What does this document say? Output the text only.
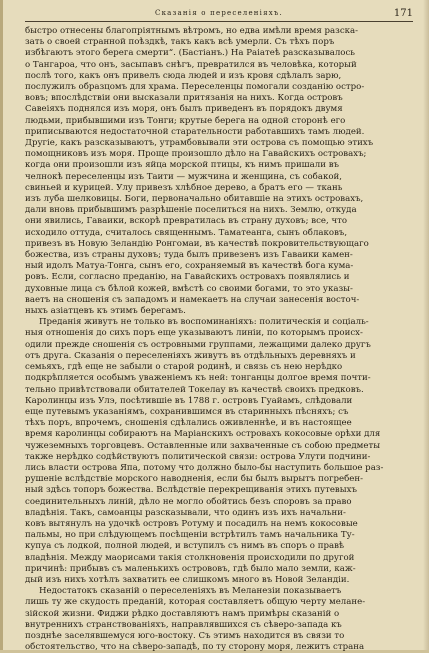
Сказанія о переселеніяхъ.	171
быстро отнесены благопріятнымъ вѣтромъ, но едва имѣли время разска-
зать о своей странной поѣздкѣ, такъ какъ всѣ умерли. Съ тѣхъ поръ
избѣгаютъ этого берега смерти“. (Бастіанъ.) На Раіатеѣ разсказывалось
о Тангароа, что онъ, засыпавъ снѣгъ, превратился въ человѣка, который
послѣ того, какъ онъ привелъ сюда людей и изъ кровя сдѣлалъ зарю,
послужилъ образцомъ для храма. Переселенцы помогали созданію остро-
вовъ; впослѣдствіи они высказали притязанія на нихъ. Когда островъ
Савеіяхъ поднялся изъ моря, онъ былъ приведенъ въ порядокъ двумя
людьми, прибывшими изъ Тонги; крутые берега на одной сторонѣ его
приписываются недостаточной старательности работавшихъ тамъ людей.
Другіе, какъ разсказываютъ, утрамбовывали эти острова съ помощью этихъ
помощниковъ изъ моря. Проще произошло дѣло на Гавайскихъ островахъ;
когда они произошли изъ яйца морской птицы, къ нимъ пришали въ
челнокѣ переселенцы изъ Таити — мужчина и женщина, съ собакой,
свиньей и курицей. Улу привезъ хлѣбное дерево, а братъ его — ткань
изъ луба шелковицы. Боги, первоначально обитавшіе на этихъ островахъ,
дали вновь прибывшимъ разрѣшеніе поселиться на нихъ. Землю, откуда
они явились, Гаваики, вскорѣ превратилась въ страну духовъ; все, что
исходило оттуда, считалось священнымъ. Таматеанга, сынъ облаковъ,
привезъ въ Новую Зеландію Ронгомаи, въ качествѣ покровительствующаго
божества, изъ страны духовъ; туда былъ привезенъ изъ Гаваики камен-
ный идолъ Матуа-Тонга, сынъ его, сохраняемый въ качествѣ бога кума-
ровъ. Если, согласно преданію, на Гавайскихъ островахъ появлялись и
духовные лица съ бѣлой кожей, вмѣстѣ со своими богами, то это указы-
ваетъ на сношенія съ западомъ и намекаетъ на случаи занесенія восточ-
ныхъ азіатцевъ къ этимъ берегамъ.
Преданія живутъ не только въ воспоминаніяхъ: политическія и соціаль-
ныя отношенія до сихъ поръ еще указываютъ линіи, по которымъ происх-
одили прежде сношенія съ островными группами, лежащими далеко другъ
отъ друга. Сказанія о переселеніяхъ живутъ въ отдѣльныхъ деревняхъ и
семьяхъ, гдѣ еще не забыли о старой родинѣ, и связь съ нею нерѣдко
подкрѣпляется особымъ уваженіемъ къ ней: тонганцы долгое время почти-
тельно привѣтствовали обитателей Токелау въ качествѣ своихъ предковъ.
Каролинцы изъ Улэ, посѣтившіе въ 1788 г. островъ Гуайамъ, слѣдовали
еще путевымъ указаніямъ, сохранившимся въ старинныхъ пѣсняхъ; съ
тѣхъ поръ, впрочемъ, сношенія сдѣлались оживленнѣе, и въ настоящее
время каролинцы собираютъ на Маріанскихъ островахъ кокосовые орѣхи для
чужеземныхъ торговцевъ. Оставленные или захваченные съ собою предметы
также нерѣдко содѣйствуютъ политической связи: острова Улути подчини-
лись власти острова Япа, потому что должно было-бы наступить большое раз-
рушеніе вслѣдствіе морского наводненія, если бы былъ вырытъ погребен-
ный здѣсь топоръ божества. Вслѣдствіе перекрещиванія этихъ путевыхъ
соединительныхъ линій, дѣло не могло обойтись безъ споровъ за право
владѣнія. Такъ, самоанцы разсказывали, что одинъ изъ ихъ начальни-
ковъ вытянулъ на удочкѣ островъ Ротуму и посадилъ на немъ кокосовые
пальмы, но при слѣдующемъ посѣщеніи встрѣтилъ тамъ начальника Ту-
купуа съ лодкой, полной людей, и вступилъ съ нимъ въ споръ о правѣ
владѣнія. Между маорисами такія столкновенія происходили по другой
причинѣ: прибывъ съ маленькихъ острововъ, гдѣ было мало земли, каж-
дый изъ нихъ хотѣлъ захватить ее слишкомъ много въ Новой Зеландіи.
Недостатокъ сказаній о переселеніяхъ въ Меланезіи показываетъ
лишь ту же скудость преданій, которая составляетъ общую черту мелане-
зійской жизни. Фиджи рѣдко доставляютъ намъ примѣры сказаній о
внутреннихъ странствованіяхъ, направлявшихся съ сѣверо-запада къ
позднѣе заселявшемуся юго-востоку. Съ этимъ находится въ связи то
обстоятельство, что на сѣверо-западѣ, по ту сторону моря, лежитъ страна
